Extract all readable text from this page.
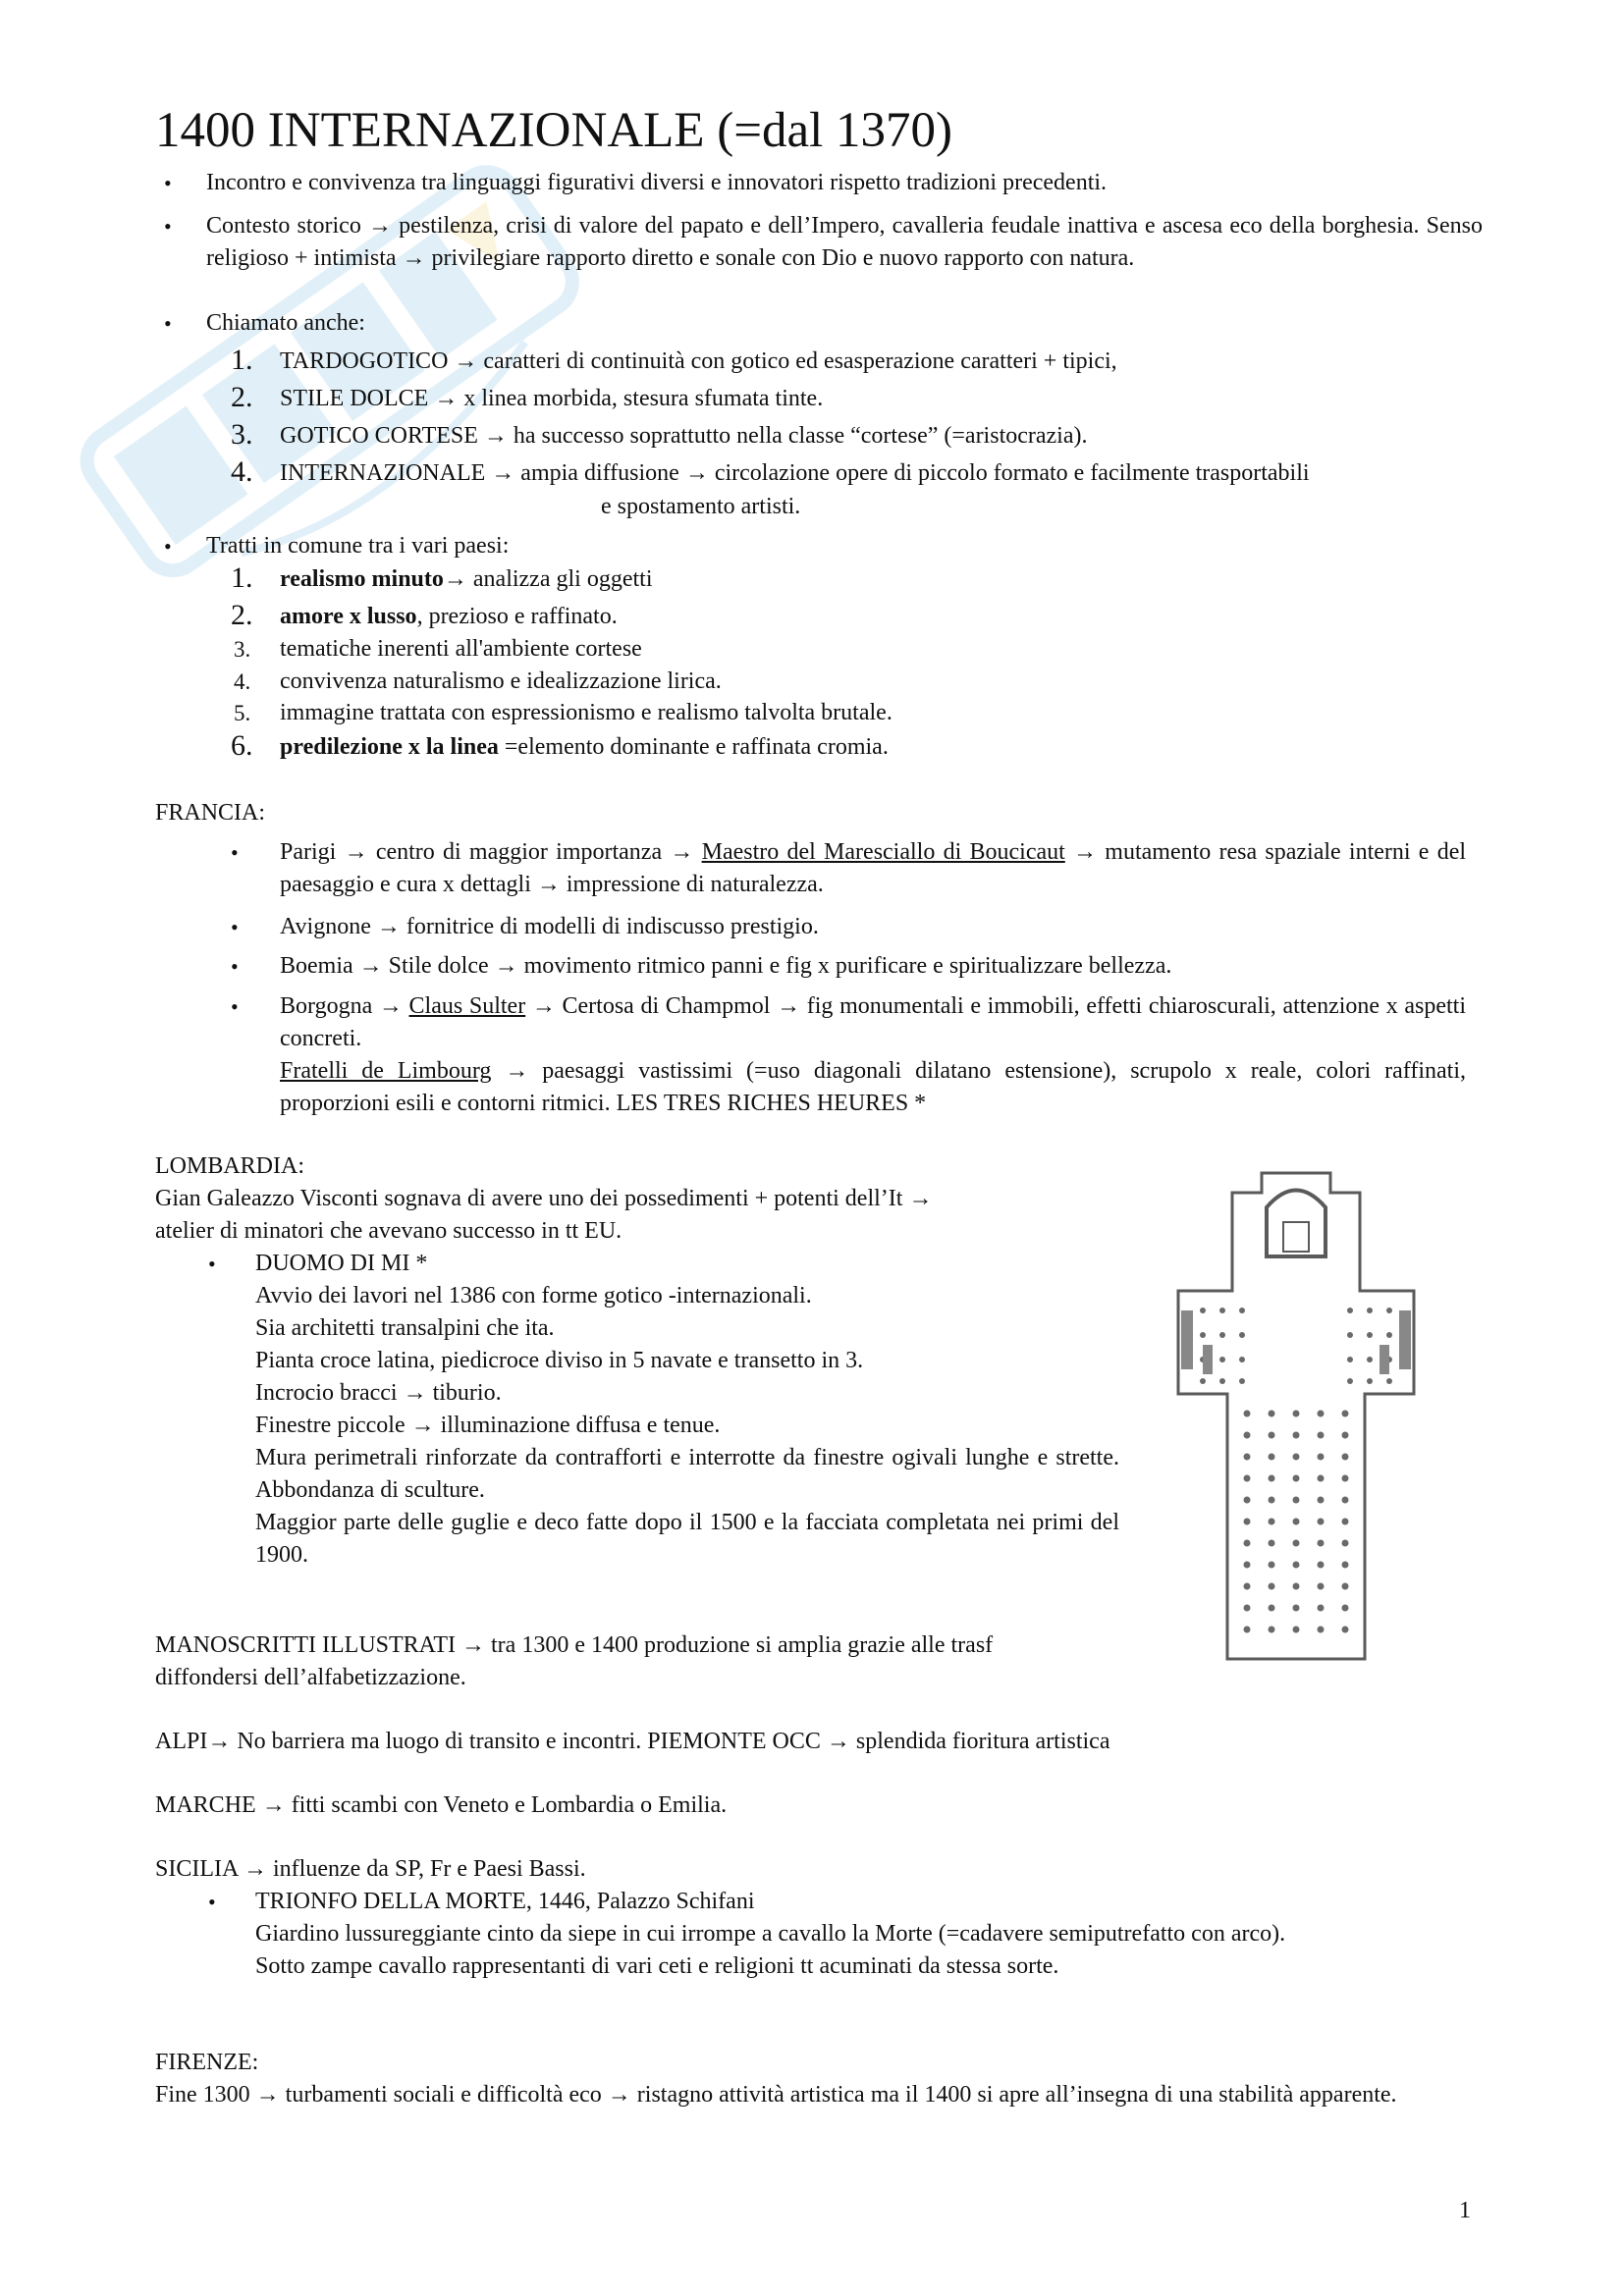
1400 INTERNAZIONALE (=dal 1370)
• Incontro e convivenza tra linguaggi figurativi diversi e innovatori rispetto tradizioni precedenti.
• Contesto storico → pestilenza, crisi di valore del papato e dell’Impero, cavalleria feudale inattiva e ascesa eco della borghesia. Senso religioso + intimista → privilegiare rapporto diretto e sonale con Dio e nuovo rapporto con natura.
• Chiamato anche:
1. TARDOGOTICO → caratteri di continuità con gotico ed esasperazione caratteri + tipici,
2. STILE DOLCE → x linea morbida, stesura sfumata tinte.
3. GOTICO CORTESE → ha successo soprattutto nella classe “cortese” (=aristocrazia).
4. INTERNAZIONALE → ampia diffusione → circolazione opere di piccolo formato e facilmente trasportabili
e spostamento artisti.
• Tratti in comune tra i vari paesi:
1. realismo minuto→ analizza gli oggetti
2. amore x lusso, prezioso e raffinato.
3. tematiche inerenti all'ambiente cortese
4. convivenza naturalismo e idealizzazione lirica.
5. immagine trattata con espressionismo e realismo talvolta brutale.
6. predilezione x la linea =elemento dominante e raffinata cromia.
FRANCIA:
• Parigi → centro di maggior importanza → Maestro del Maresciallo di Boucicaut → mutamento resa spaziale interni e del paesaggio e cura x dettagli → impressione di naturalezza.
• Avignone → fornitrice di modelli di indiscusso prestigio.
• Boemia → Stile dolce → movimento ritmico panni e fig x purificare e spiritualizzare bellezza.
• Borgogna → Claus Sulter → Certosa di Champmol → fig monumentali e immobili, effetti chiaroscurali, attenzione x aspetti concreti.
Fratelli de Limbourg → paesaggi vastissimi (=uso diagonali dilatano estensione), scrupolo x reale, colori raffinati, proporzioni esili e contorni ritmici. LES TRES RICHES HEURES *
LOMBARDIA:
Gian Galeazzo Visconti sognava di avere uno dei possedimenti + potenti dell’It →
atelier di minatori che avevano successo in tt EU.
• DUOMO DI MI *
Avvio dei lavori nel 1386 con forme gotico -internazionali.
Sia architetti transalpini che ita.
Pianta croce latina, piedicroce diviso in 5 navate e transetto in 3.
Incrocio bracci → tiburio.
Finestre piccole → illuminazione diffusa e tenue.
Mura perimetrali rinforzate da contrafforti e interrotte da finestre ogivali lunghe e strette. Abbondanza di sculture.
Maggior parte delle guglie e deco fatte dopo il 1500 e la facciata completata nei primi del 1900.
MANOSCRITTI ILLUSTRATI → tra 1300 e 1400 produzione si amplia grazie alle trasf
diffondersi dell’alfabetizzazione.
ALPI→ No barriera ma luogo di transito e incontri. PIEMONTE OCC → splendida fioritura artistica
MARCHE → fitti scambi con Veneto e Lombardia o Emilia.
SICILIA → influenze da SP, Fr e Paesi Bassi.
• TRIONFO DELLA MORTE, 1446, Palazzo Schifani
Giardino lussureggiante cinto da siepe in cui irrompe a cavallo la Morte (=cadavere semiputrefatto con arco).
Sotto zampe cavallo rappresentanti di vari ceti e religioni tt acuminati da stessa sorte.
FIRENZE:
Fine 1300 → turbamenti sociali e difficoltà eco → ristagno attività artistica ma il 1400 si apre all’insegna di una stabilità apparente.
1
